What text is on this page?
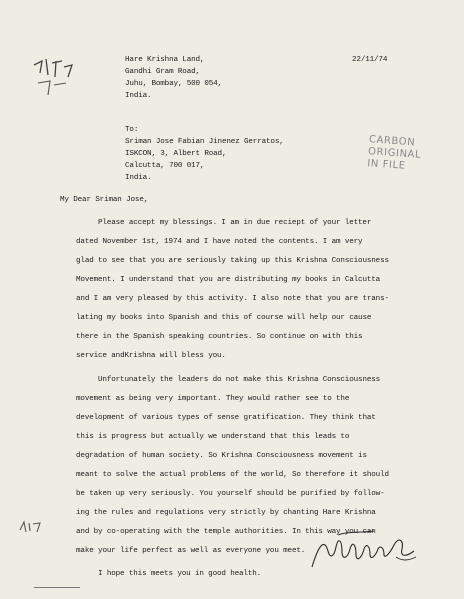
22/11/74
Hare Krishna Land,
Gandhi Gram Road,
Juhu, Bombay, 500 054,
India.
To:
Sriman Jose Fabian Jinenez Gerratos,
ISKCON, 3, Albert Road,
Calcutta, 700 017,
India.
CARBON
ORIGINAL
IN FILE
My Dear Sriman Jose,
Please accept my blessings. I am in due reciept of your letter
dated November 1st, 1974 and I have noted the contents. I am very
glad to see that you are seriously taking up this Krishna Consciousness
Movement. I understand that you are distributing my books in Calcutta
and I am very pleased by this activity. I also note that you are trans-
lating my books into Spanish and this of course will help our cause
there in the Spanish speaking countries. So continue on with this
service andKrishna will bless you.
Unfortunately the leaders do not make this Krishna Consciousness
movement as being very important. They would rather see to the
development of various types of sense gratification. They think that
this is progress but actually we understand that this leads to
degradation of human society. So Krishna Consciousness movement is
meant to solve the actual problems of the world, So therefore it should
be taken up very seriously. You yourself should be purified by follow-
ing the rules and regulations very strictly by chanting Hare Krishna
and by co-operating with the temple authorities. In this way you can
make your life perfect as well as everyone you meet.
I hope this meets you in good health.
